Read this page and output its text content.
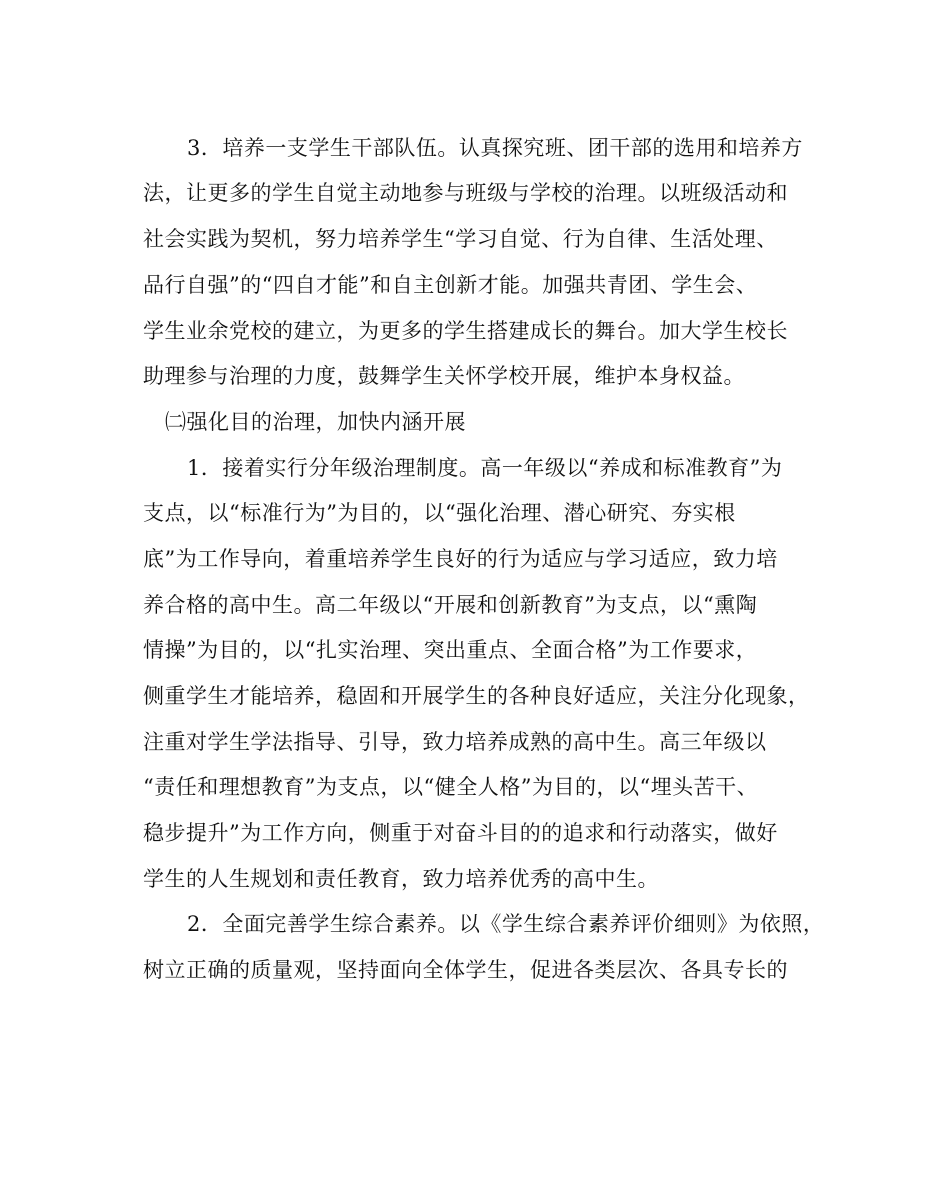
3．培养一支学生干部队伍。认真探究班、团干部的选用和培养方
法，让更多的学生自觉主动地参与班级与学校的治理。以班级活动和
社会实践为契机，努力培养学生“学习自觉、行为自律、生活处理、
品行自强”的“四自才能”和自主创新才能。加强共青团、学生会、
学生业余党校的建立，为更多的学生搭建成长的舞台。加大学生校长
助理参与治理的力度，鼓舞学生关怀学校开展，维护本身权益。
㈡强化目的治理，加快内涵开展
1．接着实行分年级治理制度。高一年级以“养成和标准教育”为
支点，以“标准行为”为目的，以“强化治理、潜心研究、夯实根
底”为工作导向，着重培养学生良好的行为适应与学习适应，致力培
养合格的高中生。高二年级以“开展和创新教育”为支点，以“熏陶
情操”为目的，以“扎实治理、突出重点、全面合格”为工作要求，
侧重学生才能培养，稳固和开展学生的各种良好适应，关注分化现象，
注重对学生学法指导、引导，致力培养成熟的高中生。高三年级以
“责任和理想教育”为支点，以“健全人格”为目的，以“埋头苦干、
稳步提升”为工作方向，侧重于对奋斗目的的追求和行动落实，做好
学生的人生规划和责任教育，致力培养优秀的高中生。
2．全面完善学生综合素养。以《学生综合素养评价细则》为依照，
树立正确的质量观，坚持面向全体学生，促进各类层次、各具专长的
